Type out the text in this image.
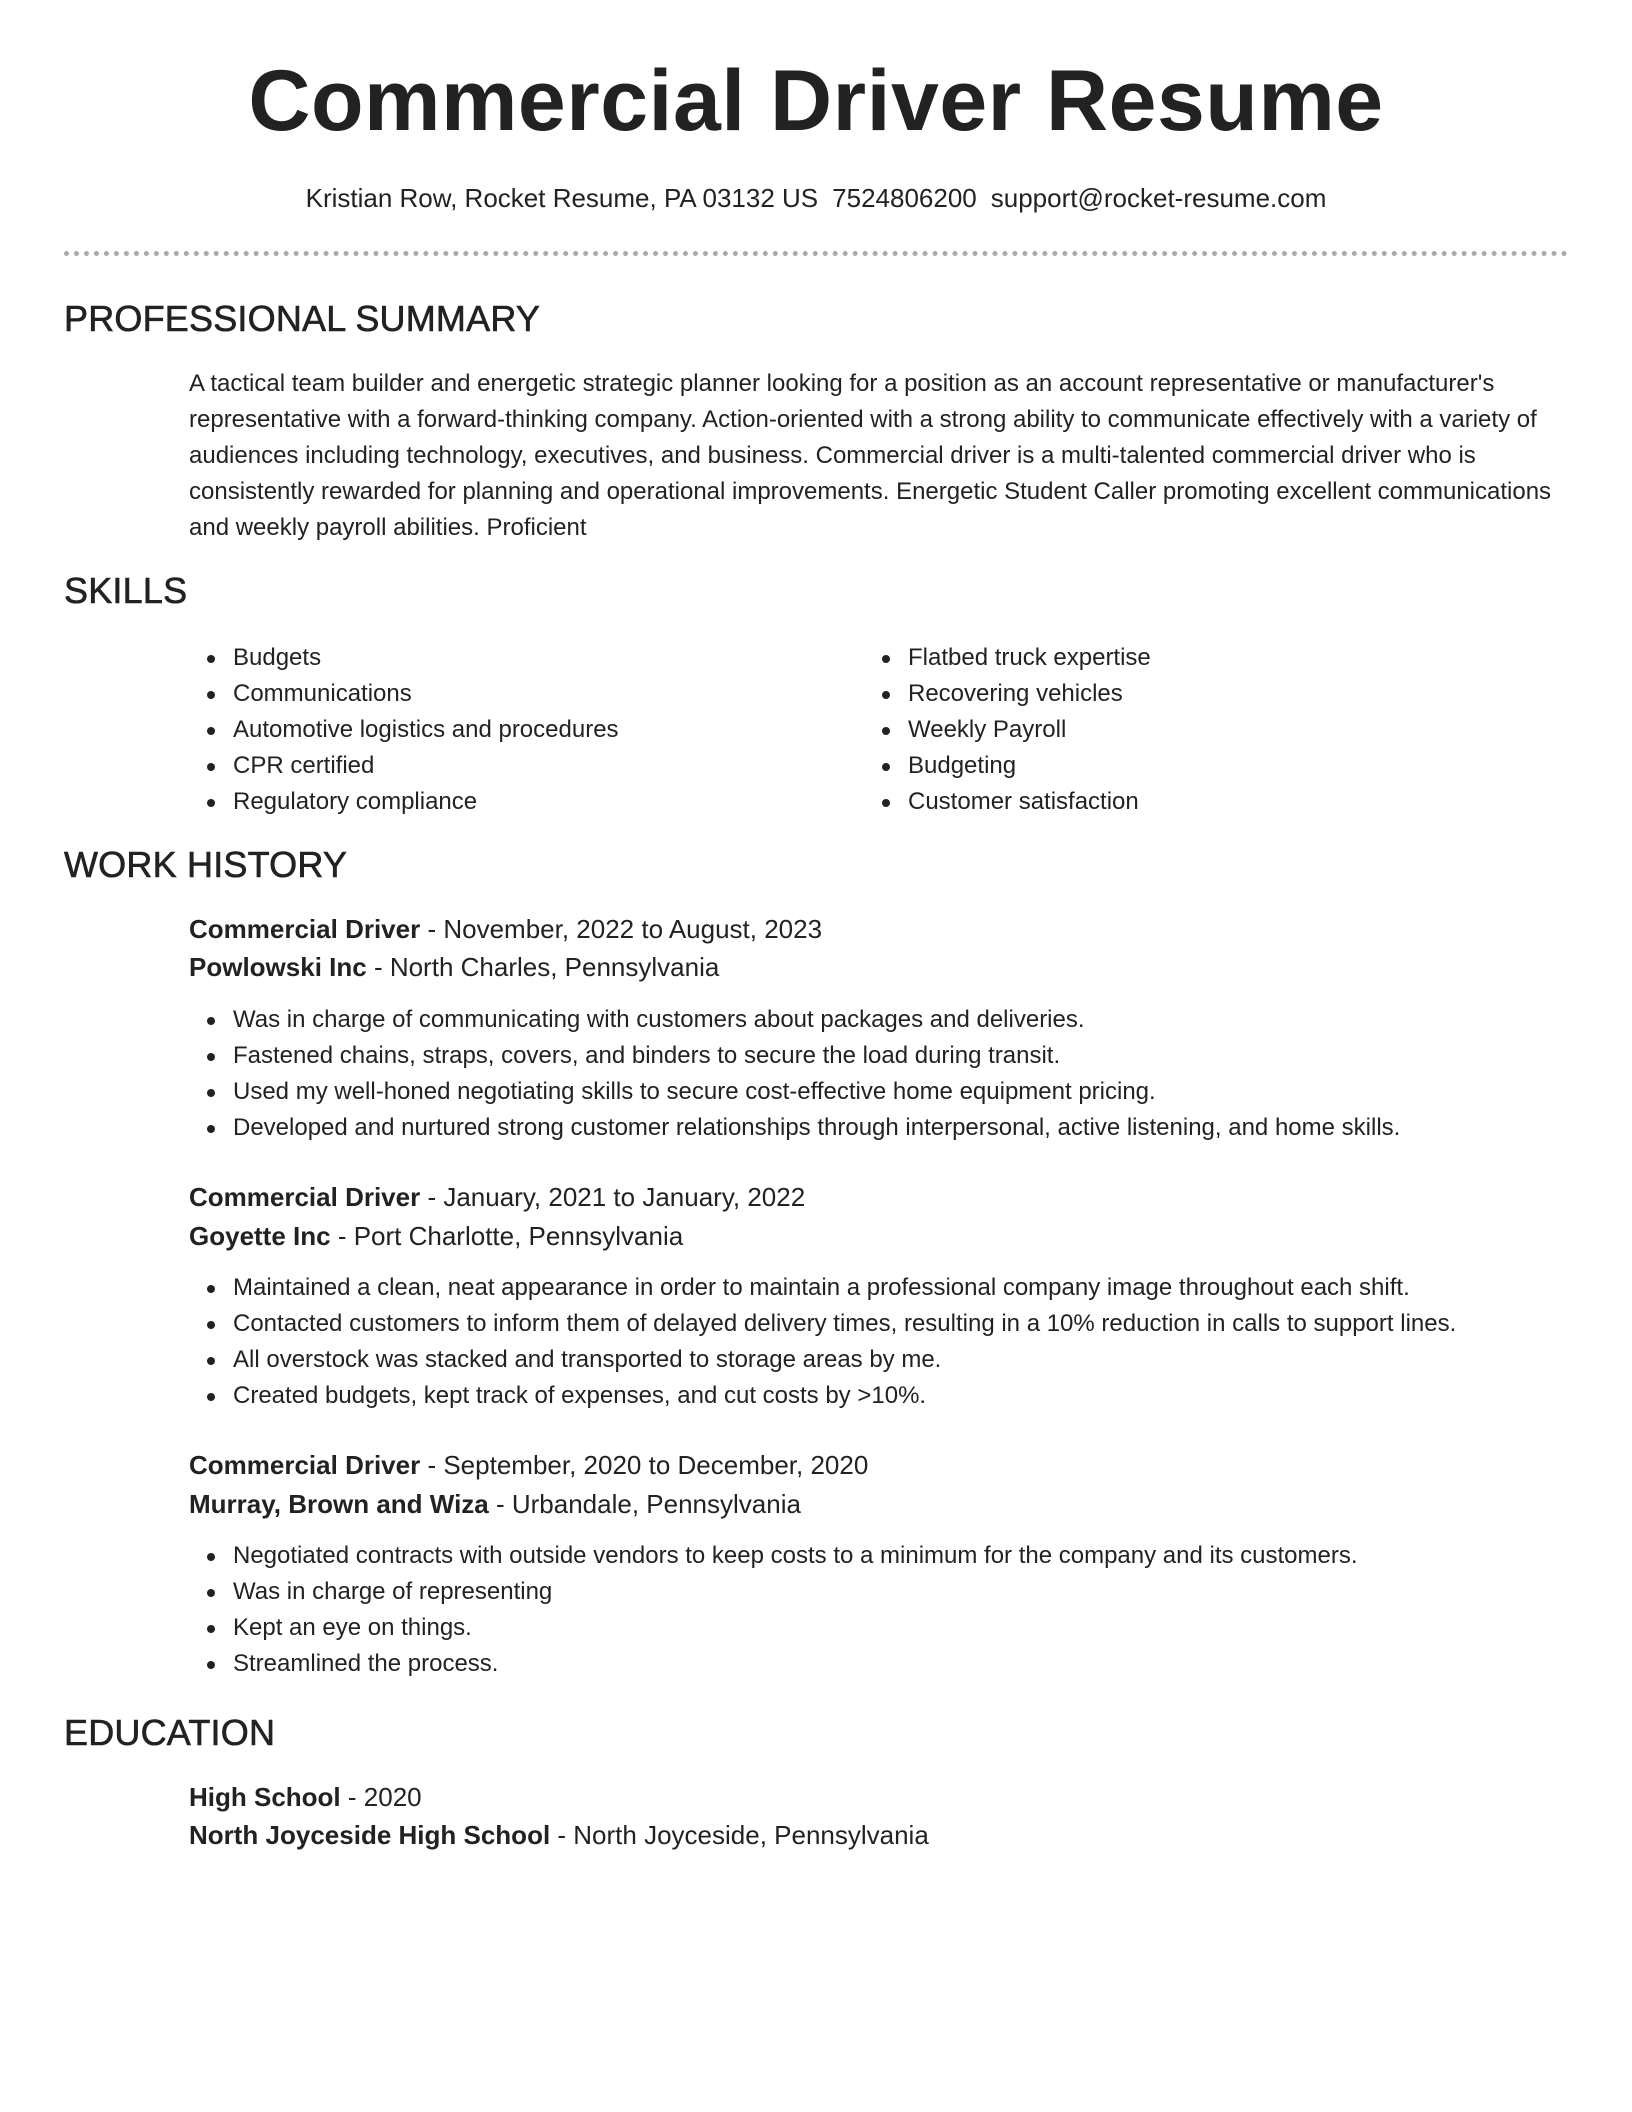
Commercial Driver Resume
Kristian Row, Rocket Resume, PA 03132 US 7524806200 support@rocket-resume.com
PROFESSIONAL SUMMARY
A tactical team builder and energetic strategic planner looking for a position as an account representative or manufacturer's representative with a forward-thinking company. Action-oriented with a strong ability to communicate effectively with a variety of audiences including technology, executives, and business. Commercial driver is a multi-talented commercial driver who is consistently rewarded for planning and operational improvements. Energetic Student Caller promoting excellent communications and weekly payroll abilities. Proficient
SKILLS
Budgets
Communications
Automotive logistics and procedures
CPR certified
Regulatory compliance
Flatbed truck expertise
Recovering vehicles
Weekly Payroll
Budgeting
Customer satisfaction
WORK HISTORY
Commercial Driver - November, 2022 to August, 2023
Powlowski Inc - North Charles, Pennsylvania
Was in charge of communicating with customers about packages and deliveries.
Fastened chains, straps, covers, and binders to secure the load during transit.
Used my well-honed negotiating skills to secure cost-effective home equipment pricing.
Developed and nurtured strong customer relationships through interpersonal, active listening, and home skills.
Commercial Driver - January, 2021 to January, 2022
Goyette Inc - Port Charlotte, Pennsylvania
Maintained a clean, neat appearance in order to maintain a professional company image throughout each shift.
Contacted customers to inform them of delayed delivery times, resulting in a 10% reduction in calls to support lines.
All overstock was stacked and transported to storage areas by me.
Created budgets, kept track of expenses, and cut costs by >10%.
Commercial Driver - September, 2020 to December, 2020
Murray, Brown and Wiza - Urbandale, Pennsylvania
Negotiated contracts with outside vendors to keep costs to a minimum for the company and its customers.
Was in charge of representing
Kept an eye on things.
Streamlined the process.
EDUCATION
High School - 2020
North Joyceside High School - North Joyceside, Pennsylvania
